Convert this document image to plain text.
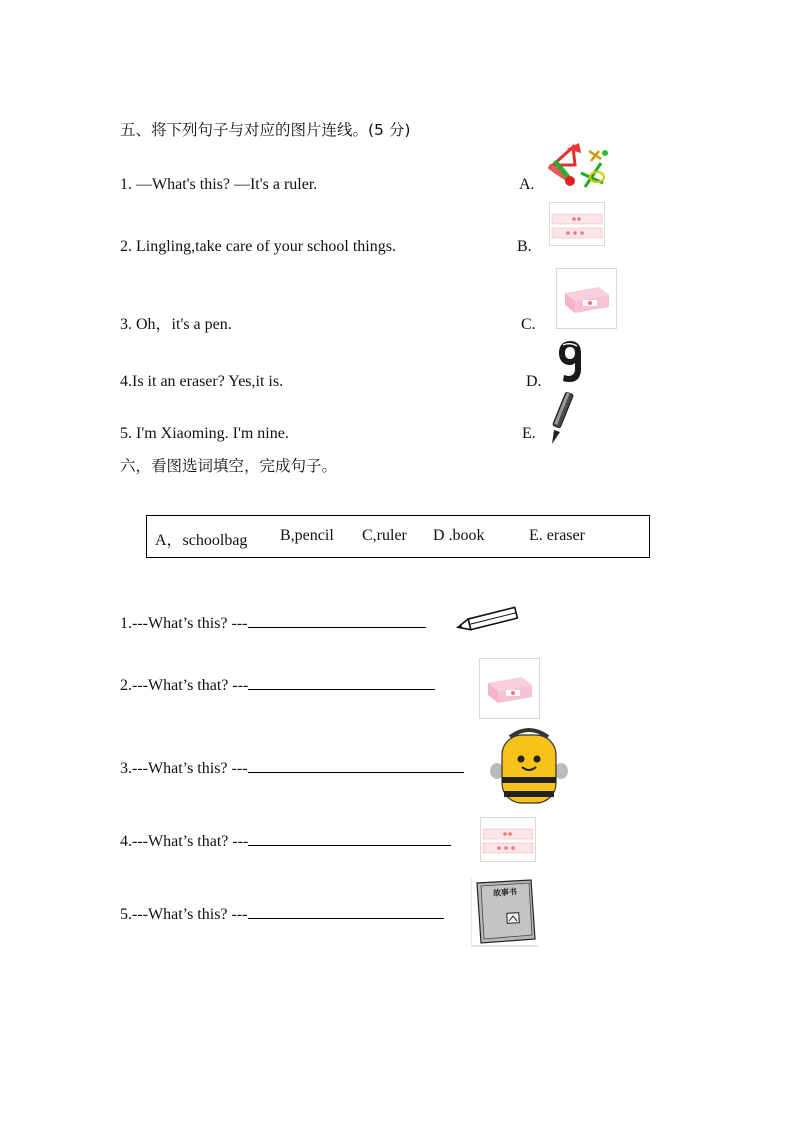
五、将下列句子与对应的图片连线。(5 分)
1. —What's this? —It's a ruler.	A.
2. Lingling,take care of your school things.	B.
3. Oh，it's a pen.	C.
4.Is it an eraser? Yes,it is.	D.
5. I'm Xiaoming. I'm nine.	E.
六，看图选词填空，完成句子。
A，schoolbag B,pencil C,ruler D .book	E. eraser
1.---What’s this? ---
2.---What’s that? ---
3.---What’s this? ---
4.---What’s that? ---
5.---What’s this? ---
故事书
